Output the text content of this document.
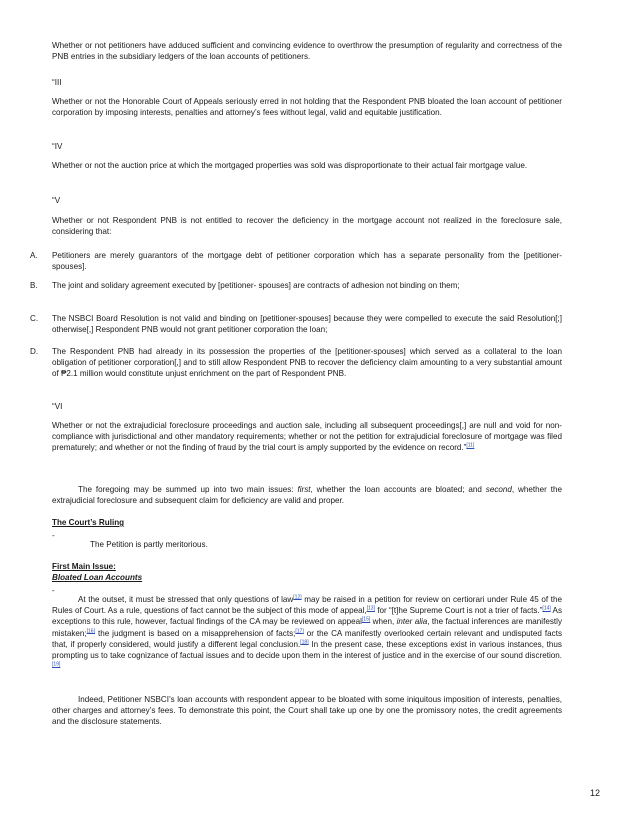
Whether or not petitioners have adduced sufficient and convincing evidence to overthrow the presumption of regularity and correctness of the PNB entries in the subsidiary ledgers of the loan accounts of petitioners.

“III

Whether or not the Honorable Court of Appeals seriously erred in not holding that the Respondent PNB bloated the loan account of petitioner corporation by imposing interests, penalties and attorney’s fees without legal, valid and equitable justification.

“IV

Whether or not the auction price at which the mortgaged properties was sold was disproportionate to their actual fair mortgage value.

“V

Whether or not Respondent PNB is not entitled to recover the deficiency in the mortgage account not realized in the foreclosure sale, considering that:

A. Petitioners are merely guarantors of the mortgage debt of petitioner corporation which has a separate personality from the [petitioner-spouses].
B. The joint and solidary agreement executed by [petitioner- spouses] are contracts of adhesion not binding on them;
C. The NSBCI Board Resolution is not valid and binding on [petitioner-spouses] because they were compelled to execute the said Resolution[;] otherwise[,] Respondent PNB would not grant petitioner corporation the loan;
D. The Respondent PNB had already in its possession the properties of the [petitioner-spouses] which served as a collateral to the loan obligation of petitioner corporation[,] and to still allow Respondent PNB to recover the deficiency claim amounting to a very substantial amount of ₱2.1 million would constitute unjust enrichment on the part of Respondent PNB.

“VI

Whether or not the extrajudicial foreclosure proceedings and auction sale, including all subsequent proceedings[,] are null and void for non-compliance with jurisdictional and other mandatory requirements; whether or not the petition for extrajudicial foreclosure of mortgage was filed prematurely; and whether or not the finding of fraud by the trial court is amply supported by the evidence on record.”[11]

The foregoing may be summed up into two main issues: first, whether the loan accounts are bloated; and second, whether the extrajudicial foreclosure and subsequent claim for deficiency are valid and proper.

The Court’s Ruling

-

The Petition is partly meritorious.

First Main Issue:

Bloated Loan Accounts

-

At the outset, it must be stressed that only questions of law[12] may be raised in a petition for review on certiorari under Rule 45 of the Rules of Court. As a rule, questions of fact cannot be the subject of this mode of appeal,[13] for “[t]he Supreme Court is not a trier of facts.”[14] As exceptions to this rule, however, factual findings of the CA may be reviewed on appeal[15] when, inter alia, the factual inferences are manifestly mistaken;[16] the judgment is based on a misapprehension of facts;[17] or the CA manifestly overlooked certain relevant and undisputed facts that, if properly considered, would justify a different legal conclusion.[18] In the present case, these exceptions exist in various instances, thus prompting us to take cognizance of factual issues and to decide upon them in the interest of justice and in the exercise of our sound discretion.[19]

Indeed, Petitioner NSBCI’s loan accounts with respondent appear to be bloated with some iniquitous imposition of interests, penalties, other charges and attorney’s fees. To demonstrate this point, the Court shall take up one by one the promissory notes, the credit agreements and the disclosure statements.

12
